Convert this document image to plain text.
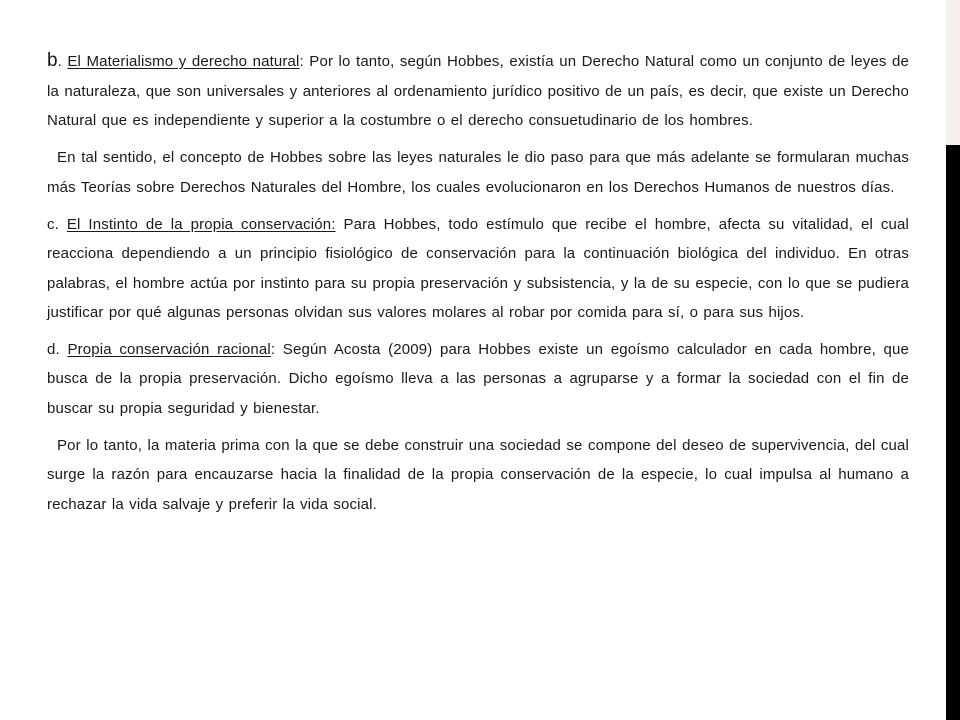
b. El Materialismo y derecho natural: Por lo tanto, según Hobbes, existía un Derecho Natural como un conjunto de leyes de la naturaleza, que son universales y anteriores al ordenamiento jurídico positivo de un país, es decir, que existe un Derecho Natural que es independiente y superior a la costumbre o el derecho consuetudinario de los hombres.

En tal sentido, el concepto de Hobbes sobre las leyes naturales le dio paso para que más adelante se formularan muchas más Teorías sobre Derechos Naturales del Hombre, los cuales evolucionaron en los Derechos Humanos de nuestros días.

c. El Instinto de la propia conservación: Para Hobbes, todo estímulo que recibe el hombre, afecta su vitalidad, el cual reacciona dependiendo a un principio fisiológico de conservación para la continuación biológica del individuo. En otras palabras, el hombre actúa por instinto para su propia preservación y subsistencia, y la de su especie, con lo que se pudiera justificar por qué algunas personas olvidan sus valores molares al robar por comida para sí, o para sus hijos.

d. Propia conservación racional: Según Acosta (2009) para Hobbes existe un egoísmo calculador en cada hombre, que busca de la propia preservación. Dicho egoísmo lleva a las personas a agruparse y a formar la sociedad con el fin de buscar su propia seguridad y bienestar.

Por lo tanto, la materia prima con la que se debe construir una sociedad se compone del deseo de supervivencia, del cual surge la razón para encauzarse hacia la finalidad de la propia conservación de la especie, lo cual impulsa al humano a rechazar la vida salvaje y preferir la vida social.
